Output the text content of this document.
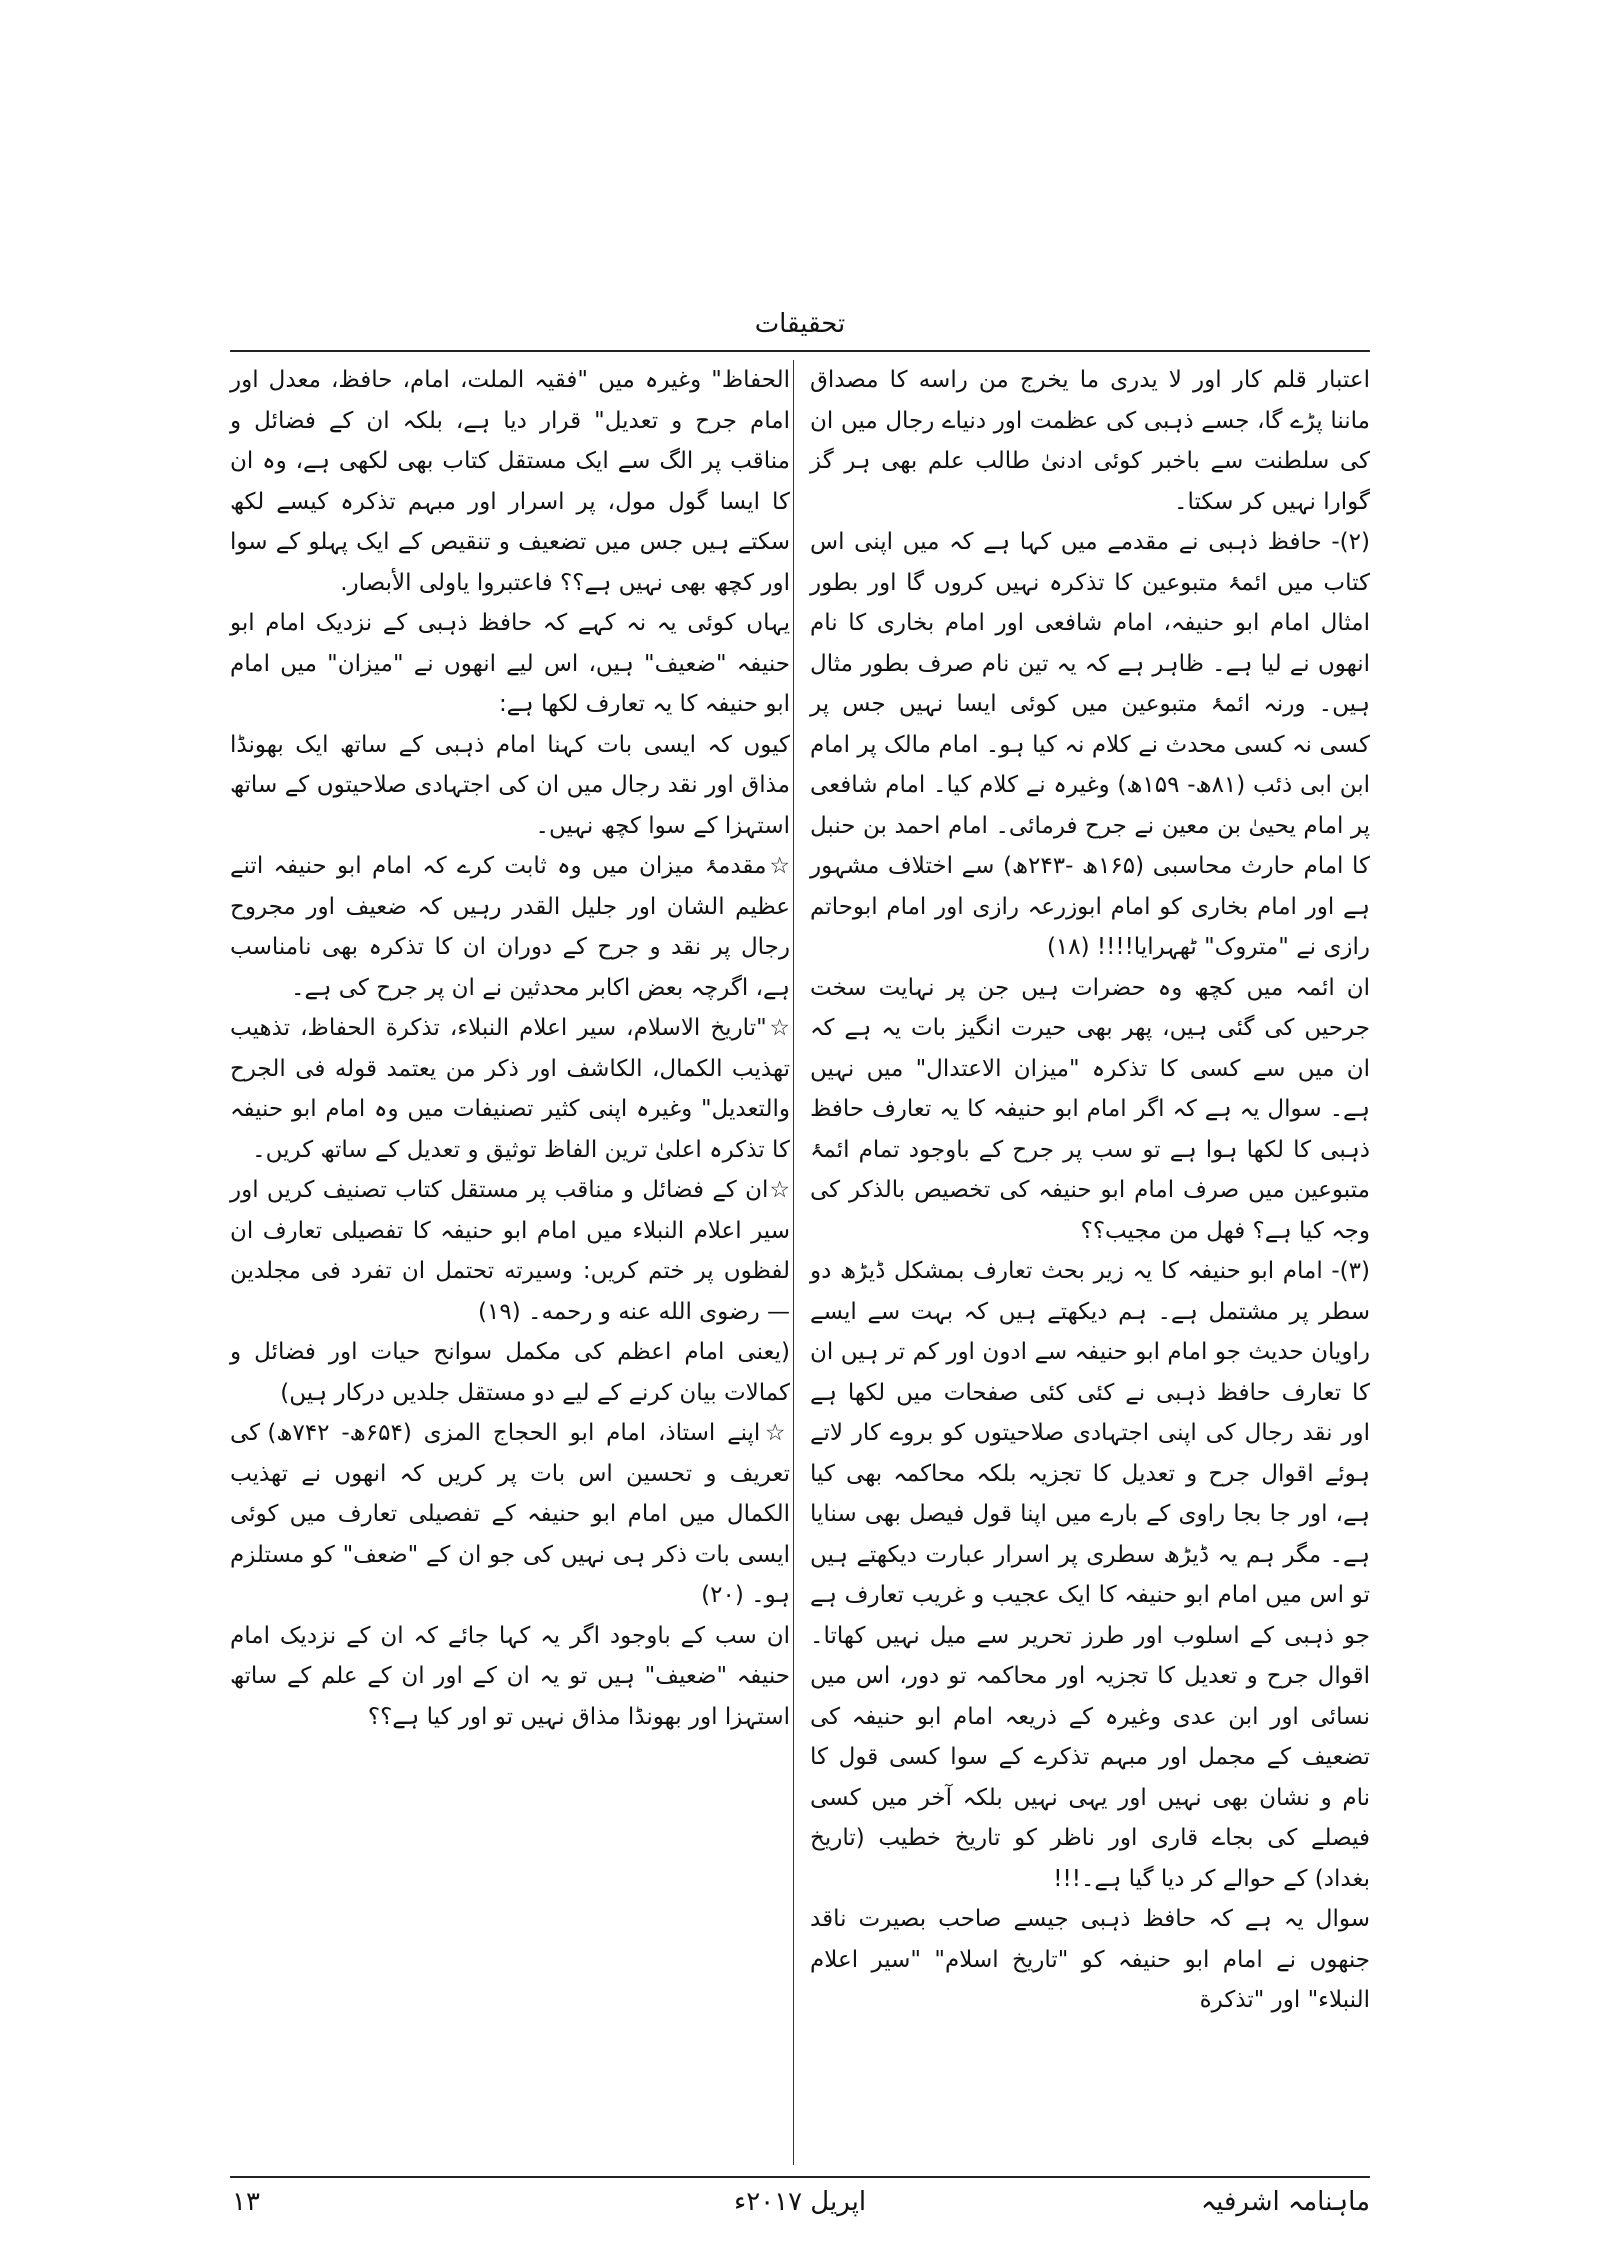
تحقیقات

اعتبار قلم کار اور لا یدری ما یخرج من راسه کا مصداق ماننا پڑے گا، جسے ذہبی کی عظمت اور دنیاے رجال میں ان کی سلطنت سے باخبر کوئی ادنیٰ طالب علم بھی ہر گز گوارا نہیں کر سکتا۔

(۲)- حافظ ذہبی نے مقدمے میں کہا ہے کہ میں اپنی اس کتاب میں ائمۂ متبوعین کا تذکرہ نہیں کروں گا اور بطور امثال امام ابو حنیفہ، امام شافعی اور امام بخاری کا نام انھوں نے لیا ہے۔ ظاہر ہے کہ یہ تین نام صرف بطور مثال ہیں۔ ورنہ ائمۂ متبوعین میں کوئی ایسا نہیں جس پر کسی نہ کسی محدث نے کلام نہ کیا ہو۔ امام مالک پر امام ابن ابی ذئب (۸۱ھ- ۱۵۹ھ) وغیرہ نے کلام کیا۔ امام شافعی پر امام یحییٰ بن معین نے جرح فرمائی۔ امام احمد بن حنبل کا امام حارث محاسبی (۱۶۵ھ -۲۴۳ھ) سے اختلاف مشہور ہے اور امام بخاری کو امام ابوزرعہ رازی اور امام ابوحاتم رازی نے "متروک" ٹھہرایا!!!! (۱۸)

ان ائمہ میں کچھ وہ حضرات ہیں جن پر نہایت سخت جرحیں کی گئی ہیں، پھر بھی حیرت انگیز بات یہ ہے کہ ان میں سے کسی کا تذکرہ "میزان الاعتدال" میں نہیں ہے۔ سوال یہ ہے کہ اگر امام ابو حنیفہ کا یہ تعارف حافظ ذہبی کا لکھا ہوا ہے تو سب پر جرح کے باوجود تمام ائمۂ متبوعین میں صرف امام ابو حنیفہ کی تخصیص بالذکر کی وجہ کیا ہے؟ فهل من مجیب؟؟

(۳)- امام ابو حنیفہ کا یہ زیر بحث تعارف بمشکل ڈیڑھ دو سطر پر مشتمل ہے۔ ہم دیکھتے ہیں کہ بہت سے ایسے راویان حدیث جو امام ابو حنیفہ سے ادون اور کم تر ہیں ان کا تعارف حافظ ذہبی نے کئی کئی صفحات میں لکھا ہے اور نقد رجال کی اپنی اجتہادی صلاحیتوں کو بروے کار لاتے ہوئے اقوال جرح و تعدیل کا تجزیہ بلکہ محاکمہ بھی کیا ہے، اور جا بجا راوی کے بارے میں اپنا قول فیصل بھی سنایا ہے۔ مگر ہم یہ ڈیڑھ سطری پر اسرار عبارت دیکھتے ہیں تو اس میں امام ابو حنیفہ کا ایک عجیب و غریب تعارف ہے جو ذہبی کے اسلوب اور طرز تحریر سے میل نہیں کھاتا۔ اقوال جرح و تعدیل کا تجزیہ اور محاکمہ تو دور، اس میں نسائی اور ابن عدی وغیرہ کے ذریعہ امام ابو حنیفہ کی تضعیف کے مجمل اور مبہم تذکرے کے سوا کسی قول کا نام و نشان بھی نہیں اور یہی نہیں بلکہ آخر میں کسی فیصلے کی بجاے قاری اور ناظر کو تاریخ خطیب (تاریخ بغداد) کے حوالے کر دیا گیا ہے۔!!!

سوال یہ ہے کہ حافظ ذہبی جیسے صاحب بصیرت ناقد جنھوں نے امام ابو حنیفہ کو "تاریخ اسلام" "سیر اعلام النبلاء" اور "تذکرة

الحفاظ" وغیرہ میں "فقیہ الملت، امام، حافظ، معدل اور امام جرح و تعدیل" قرار دیا ہے، بلکہ ان کے فضائل و مناقب پر الگ سے ایک مستقل کتاب بھی لکھی ہے، وہ ان کا ایسا گول مول، پر اسرار اور مبہم تذکرہ کیسے لکھ سکتے ہیں جس میں تضعیف و تنقیص کے ایک پہلو کے سوا اور کچھ بھی نہیں ہے؟؟ فاعتبروا یاولی الأبصار.

یہاں کوئی یہ نہ کہے کہ حافظ ذہبی کے نزدیک امام ابو حنیفہ "ضعیف" ہیں، اس لیے انھوں نے "میزان" میں امام ابو حنیفہ کا یہ تعارف لکھا ہے:

کیوں کہ ایسی بات کہنا امام ذہبی کے ساتھ ایک بھونڈا مذاق اور نقد رجال میں ان کی اجتہادی صلاحیتوں کے ساتھ استہزا کے سوا کچھ نہیں۔

☆مقدمۂ میزان میں وہ ثابت کرے کہ امام ابو حنیفہ اتنے عظیم الشان اور جلیل القدر رہیں کہ ضعیف اور مجروح رجال پر نقد و جرح کے دوران ان کا تذکرہ بھی نامناسب ہے، اگرچہ بعض اکابر محدثین نے ان پر جرح کی ہے۔

☆"تاریخ الاسلام، سیر اعلام النبلاء، تذکرة الحفاظ، تذهیب تهذیب الکمال، الکاشف اور ذکر من یعتمد قوله فی الجرح والتعدیل" وغیرہ اپنی کثیر تصنیفات میں وہ امام ابو حنیفہ کا تذکرہ اعلیٰ ترین الفاظ توثیق و تعدیل کے ساتھ کریں۔

☆ان کے فضائل و مناقب پر مستقل کتاب تصنیف کریں اور سیر اعلام النبلاء میں امام ابو حنیفہ کا تفصیلی تعارف ان لفظوں پر ختم کریں: وسیرته تحتمل ان تفرد فی مجلدین — رضوی الله عنه و رحمه۔ (۱۹)

(یعنی امام اعظم کی مکمل سوانح حیات اور فضائل و کمالات بیان کرنے کے لیے دو مستقل جلدیں درکار ہیں)

☆اپنے استاذ، امام ابو الحجاج المزی (۶۵۴ھ- ۷۴۲ھ) کی تعریف و تحسین اس بات پر کریں کہ انھوں نے تهذیب الکمال میں امام ابو حنیفہ کے تفصیلی تعارف میں کوئی ایسی بات ذکر ہی نہیں کی جو ان کے "ضعف" کو مستلزم ہو۔ (۲۰)

ان سب کے باوجود اگر یہ کہا جائے کہ ان کے نزدیک امام حنیفہ "ضعیف" ہیں تو یہ ان کے اور ان کے علم کے ساتھ استہزا اور بھونڈا مذاق نہیں تو اور کیا ہے؟؟

ماہنامہ اشرفیہ
اپریل ۲۰۱۷ء
۱۳
